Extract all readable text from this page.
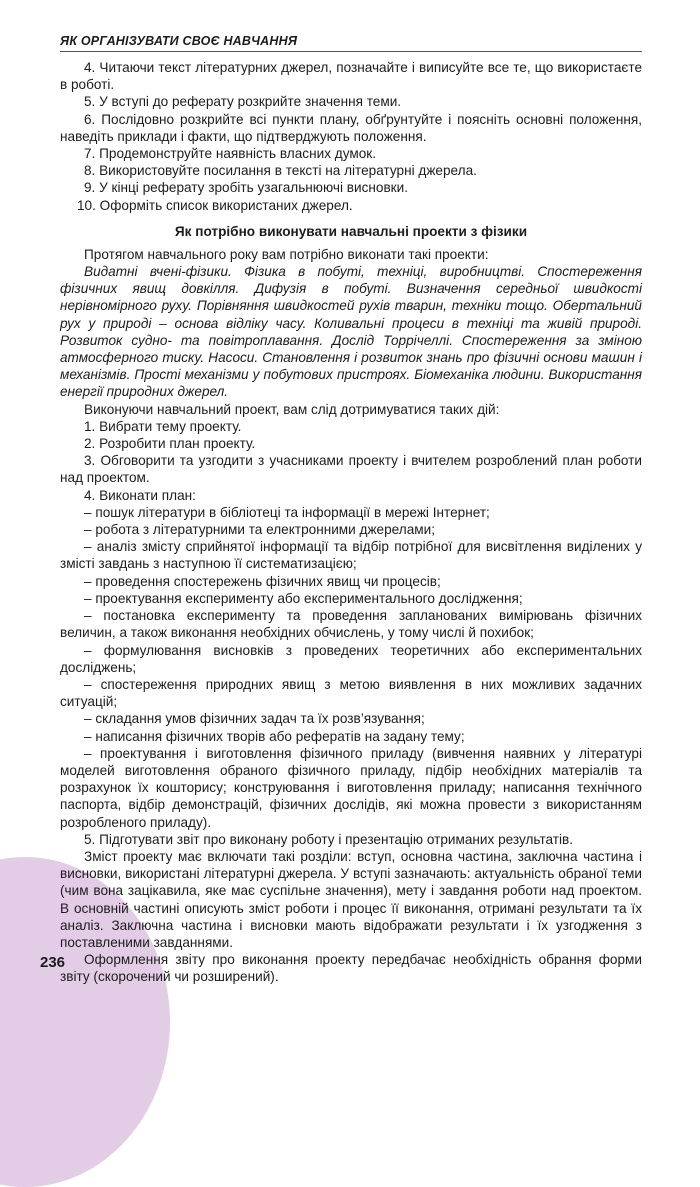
ЯК ОРГАНІЗУВАТИ СВОЄ НАВЧАННЯ

4. Читаючи текст літературних джерел, позначайте і виписуйте все те, що використаєте в роботі.

5. У вступі до реферату розкрийте значення теми.

6. Послідовно розкрийте всі пункти плану, обґрунтуйте і поясніть основні положення, наведіть приклади і факти, що підтверджують положення.

7. Продемонструйте наявність власних думок.

8. Використовуйте посилання в тексті на літературні джерела.

9. У кінці реферату зробіть узагальнюючі висновки.

10. Оформіть список використаних джерел.

Як потрібно виконувати навчальні проекти з фізики

Протягом навчального року вам потрібно виконати такі проекти:

Видатні вчені-фізики. Фізика в побуті, техніці, виробництві. Спостереження фізичних явищ довкілля. Дифузія в побуті. Визначення середньої швидкості нерівномірного руху. Порівняння швидкостей рухів тварин, техніки тощо. Обертальний рух у природі – основа відліку часу. Коливальні процеси в техніці та живій природі. Розвиток судно- та повітроплавання. Дослід Торрічеллі. Спостереження за зміною атмосферного тиску. Насоси. Становлення і розвиток знань про фізичні основи машин і механізмів. Прості механізми у побутових пристроях. Біомеханіка людини. Використання енергії природних джерел.

Виконуючи навчальний проект, вам слід дотримуватися таких дій:

1. Вибрати тему проекту.

2. Розробити план проекту.

3. Обговорити та узгодити з учасниками проекту і вчителем розроблений план роботи над проектом.

4. Виконати план:

– пошук літератури в бібліотеці та інформації в мережі Інтернет;

– робота з літературними та електронними джерелами;

– аналіз змісту сприйнятої інформації та відбір потрібної для висвітлення виділених у змісті завдань з наступною її систематизацією;

– проведення спостережень фізичних явищ чи процесів;

– проектування експерименту або експериментального дослідження;

– постановка експерименту та проведення запланованих вимірювань фізичних величин, а також виконання необхідних обчислень, у тому числі й похибок;

– формулювання висновків з проведених теоретичних або експериментальних досліджень;

– спостереження природних явищ з метою виявлення в них можливих задачних ситуацій;

– складання умов фізичних задач та їх розв’язування;

– написання фізичних творів або рефератів на задану тему;

– проектування і виготовлення фізичного приладу (вивчення наявних у літературі моделей виготовлення обраного фізичного приладу, підбір необхідних матеріалів та розрахунок їх кошторису; конструювання і виготовлення приладу; написання технічного паспорта, відбір демонстрацій, фізичних дослідів, які можна провести з використанням розробленого приладу).

5. Підготувати звіт про виконану роботу і презентацію отриманих результатів.

Зміст проекту має включати такі розділи: вступ, основна частина, заключна частина і висновки, використані літературні джерела. У вступі зазначають: актуальність обраної теми (чим вона зацікавила, яке має суспільне значення), мету і завдання роботи над проектом. В основній частині описують зміст роботи і процес її виконання, отримані результати та їх аналіз. Заключна частина і висновки мають відображати результати і їх узгодження з поставленими завданнями.

Оформлення звіту про виконання проекту передбачає необхідність обрання форми звіту (скорочений чи розширений).

236
